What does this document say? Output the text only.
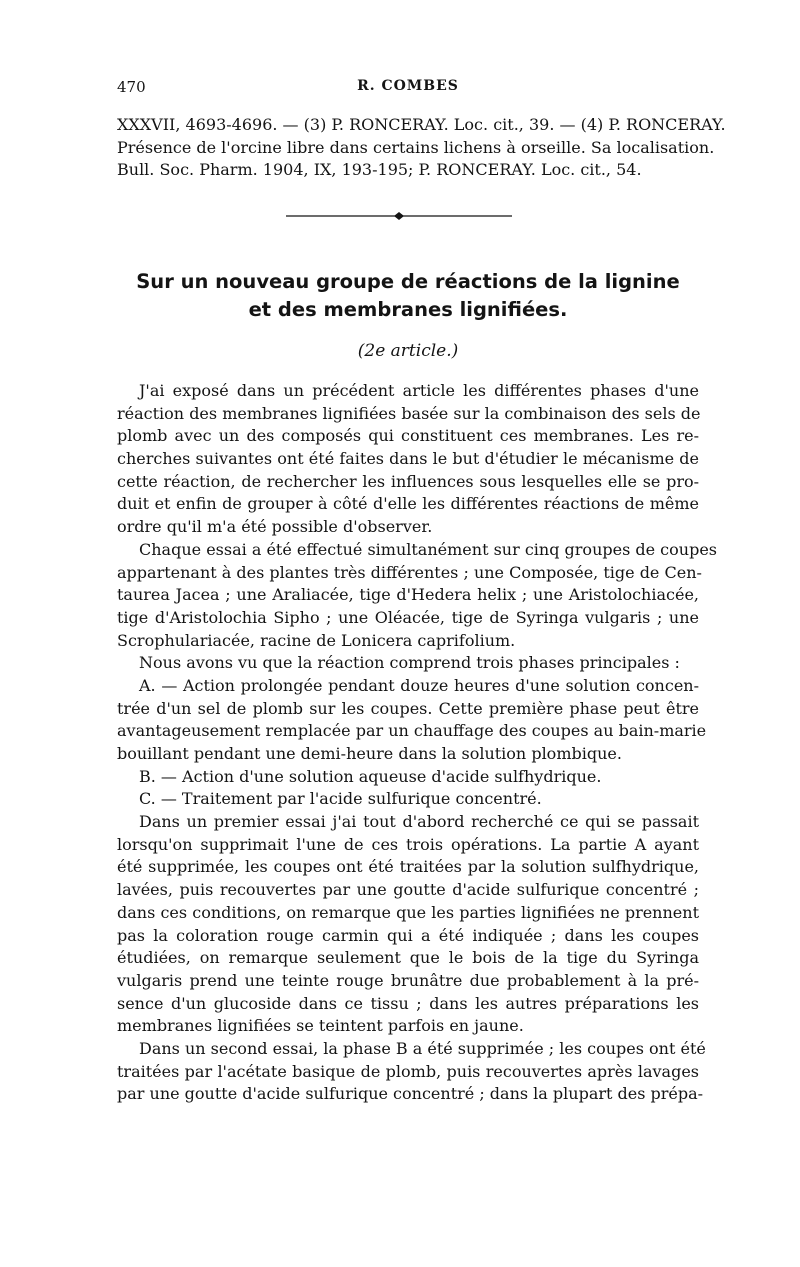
470	R. COMBES
XXXVII, 4693-4696. — (3) P. RONCERAY. Loc. cit., 39. — (4) P. RONCERAY.
Présence de l'orcine libre dans certains lichens à orseille. Sa localisation.
Bull. Soc. Pharm. 1904, IX, 193-195; P. RONCERAY. Loc. cit., 54.
Sur un nouveau groupe de réactions de la lignine
et des membranes lignifiées.
(2e article.)
J'ai exposé dans un précédent article les différentes phases d'une
réaction des membranes lignifiées basée sur la combinaison des sels de
plomb avec un des composés qui constituent ces membranes. Les re-
cherches suivantes ont été faites dans le but d'étudier le mécanisme de
cette réaction, de rechercher les influences sous lesquelles elle se pro-
duit et enfin de grouper à côté d'elle les différentes réactions de même
ordre qu'il m'a été possible d'observer.
Chaque essai a été effectué simultanément sur cinq groupes de coupes
appartenant à des plantes très différentes ; une Composée, tige de Cen-
taurea Jacea ; une Araliacée, tige d'Hedera helix ; une Aristolochiacée,
tige d'Aristolochia Sipho ; une Oléacée, tige de Syringa vulgaris ; une
Scrophulariacée, racine de Lonicera caprifolium.
Nous avons vu que la réaction comprend trois phases principales :
A. — Action prolongée pendant douze heures d'une solution concen-
trée d'un sel de plomb sur les coupes. Cette première phase peut être
avantageusement remplacée par un chauffage des coupes au bain-marie
bouillant pendant une demi-heure dans la solution plombique.
B. — Action d'une solution aqueuse d'acide sulfhydrique.
C. — Traitement par l'acide sulfurique concentré.
Dans un premier essai j'ai tout d'abord recherché ce qui se passait
lorsqu'on supprimait l'une de ces trois opérations. La partie A ayant
été supprimée, les coupes ont été traitées par la solution sulfhydrique,
lavées, puis recouvertes par une goutte d'acide sulfurique concentré ;
dans ces conditions, on remarque que les parties lignifiées ne prennent
pas la coloration rouge carmin qui a été indiquée ; dans les coupes
étudiées, on remarque seulement que le bois de la tige du Syringa
vulgaris prend une teinte rouge brunâtre due probablement à la pré-
sence d'un glucoside dans ce tissu ; dans les autres préparations les
membranes lignifiées se teintent parfois en jaune.
Dans un second essai, la phase B a été supprimée ; les coupes ont été
traitées par l'acétate basique de plomb, puis recouvertes après lavages
par une goutte d'acide sulfurique concentré ; dans la plupart des prépa-
